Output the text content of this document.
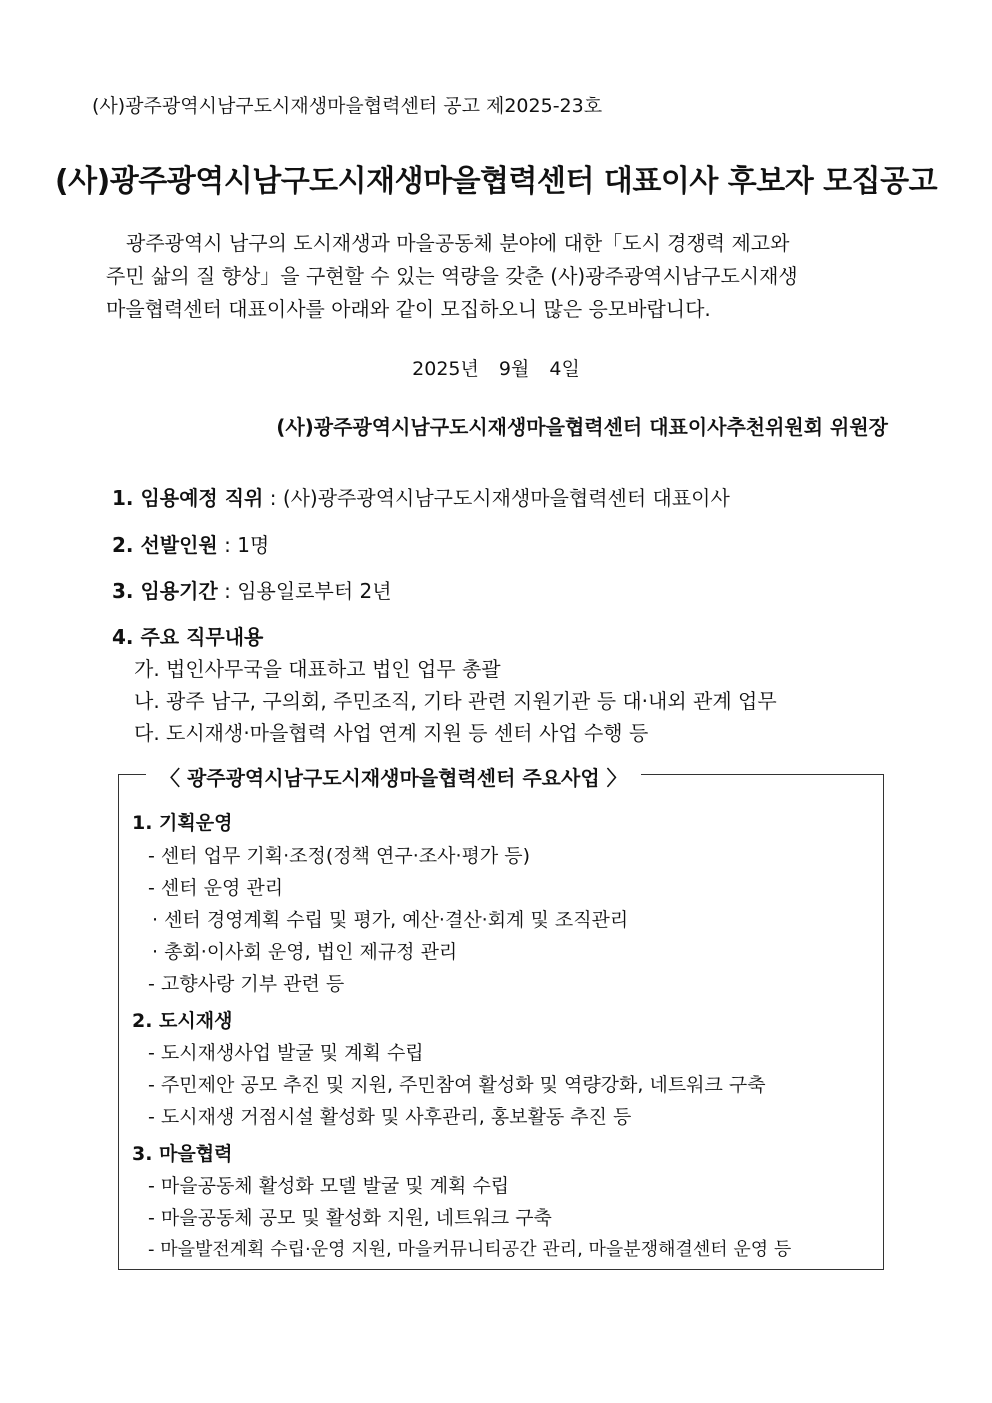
(사)광주광역시남구도시재생마을협력센터 공고 제2025-23호
(사)광주광역시남구도시재생마을협력센터 대표이사 후보자 모집공고

광주광역시 남구의 도시재생과 마을공동체 분야에 대한「도시 경쟁력 제고와

주민 삶의 질 향상」을 구현할 수 있는 역량을 갖춘 (사)광주광역시남구도시재생

마을협력센터 대표이사를 아래와 같이 모집하오니 많은 응모바랍니다.

2025년 9월 4일
(사)광주광역시남구도시재생마을협력센터 대표이사추천위원회 위원장
1. 임용예정 직위 : (사)광주광역시남구도시재생마을협력센터 대표이사
2. 선발인원 : 1명
3. 임용기간 : 임용일로부터 2년
4. 주요 직무내용
가. 법인사무국을 대표하고 법인 업무 총괄
나. 광주 남구, 구의회, 주민조직, 기타 관련 지원기관 등 대·내외 관계 업무
다. 도시재생·마을협력 사업 연계 지원 등 센터 사업 수행 등
〈 광주광역시남구도시재생마을협력센터 주요사업 〉
1. 기획운영
- 센터 업무 기획·조정(정책 연구·조사·평가 등)
- 센터 운영 관리
· 센터 경영계획 수립 및 평가, 예산·결산·회계 및 조직관리
· 총회·이사회 운영, 법인 제규정 관리
- 고향사랑 기부 관련 등
2. 도시재생
- 도시재생사업 발굴 및 계획 수립
- 주민제안 공모 추진 및 지원, 주민참여 활성화 및 역량강화, 네트워크 구축
- 도시재생 거점시설 활성화 및 사후관리, 홍보활동 추진 등
3. 마을협력
- 마을공동체 활성화 모델 발굴 및 계획 수립
- 마을공동체 공모 및 활성화 지원, 네트워크 구축
- 마을발전계획 수립·운영 지원, 마을커뮤니티공간 관리, 마을분쟁해결센터 운영 등
